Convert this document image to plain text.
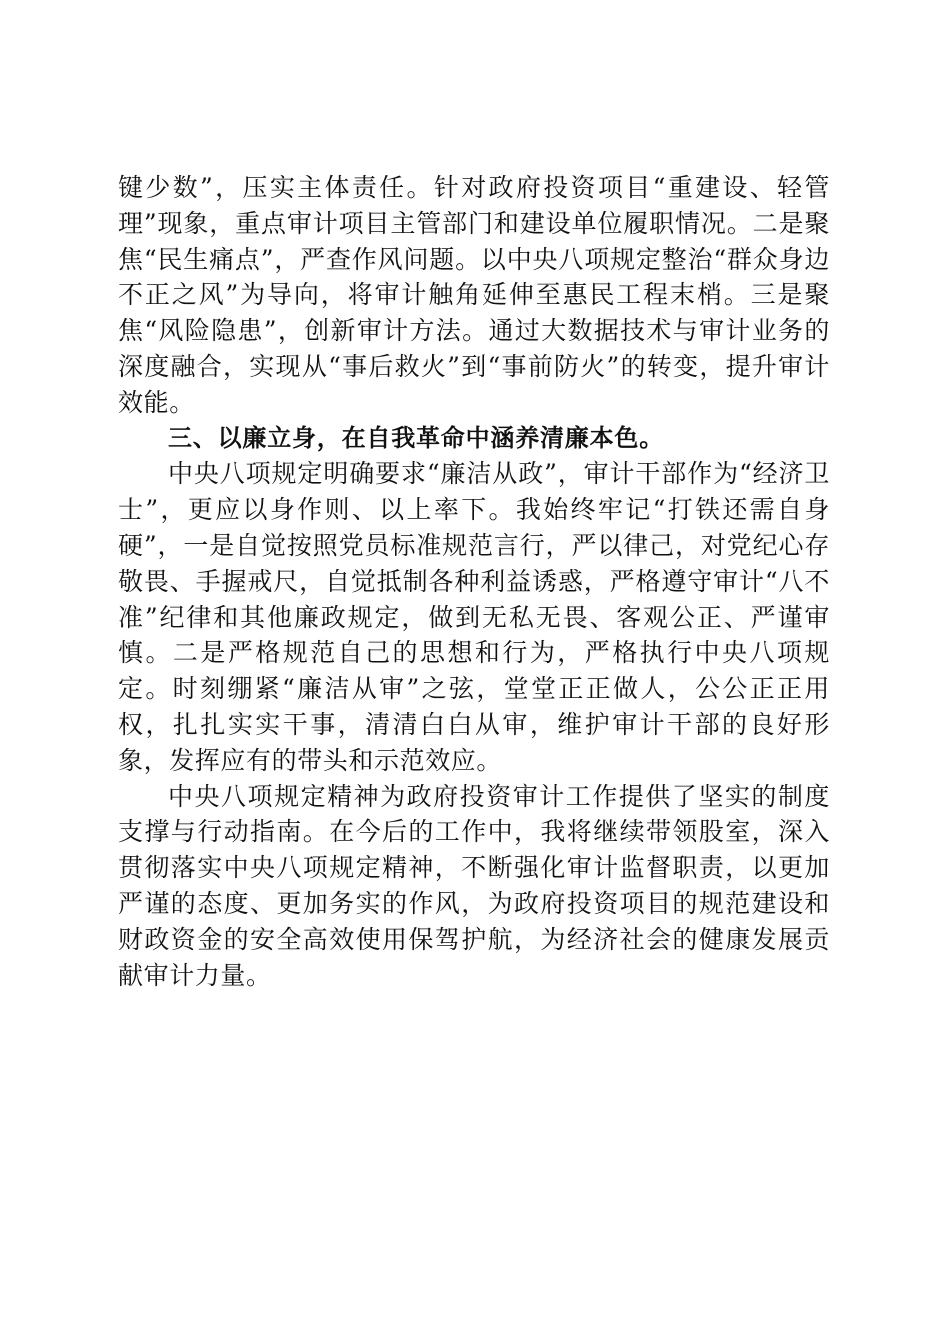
键少数”，压实主体责任。针对政府投资项目“重建设、轻管理”现象，重点审计项目主管部门和建设单位履职情况。二是聚焦“民生痛点”，严查作风问题。以中央八项规定整治“群众身边不正之风”为导向，将审计触角延伸至惠民工程末梢。三是聚焦“风险隐患”，创新审计方法。通过大数据技术与审计业务的深度融合，实现从“事后救火”到“事前防火”的转变，提升审计效能。

三、以廉立身，在自我革命中涵养清廉本色。

中央八项规定明确要求“廉洁从政”，审计干部作为“经济卫士”，更应以身作则、以上率下。我始终牢记“打铁还需自身硬”，一是自觉按照党员标准规范言行，严以律己，对党纪心存敬畏、手握戒尺，自觉抵制各种利益诱惑，严格遵守审计“八不准”纪律和其他廉政规定，做到无私无畏、客观公正、严谨审慎。二是严格规范自己的思想和行为，严格执行中央八项规定。时刻绷紧“廉洁从审”之弦，堂堂正正做人，公公正正用权，扎扎实实干事，清清白白从审，维护审计干部的良好形象，发挥应有的带头和示范效应。

中央八项规定精神为政府投资审计工作提供了坚实的制度支撑与行动指南。在今后的工作中，我将继续带领股室，深入贯彻落实中央八项规定精神，不断强化审计监督职责，以更加严谨的态度、更加务实的作风，为政府投资项目的规范建设和财政资金的安全高效使用保驾护航，为经济社会的健康发展贡献审计力量。
